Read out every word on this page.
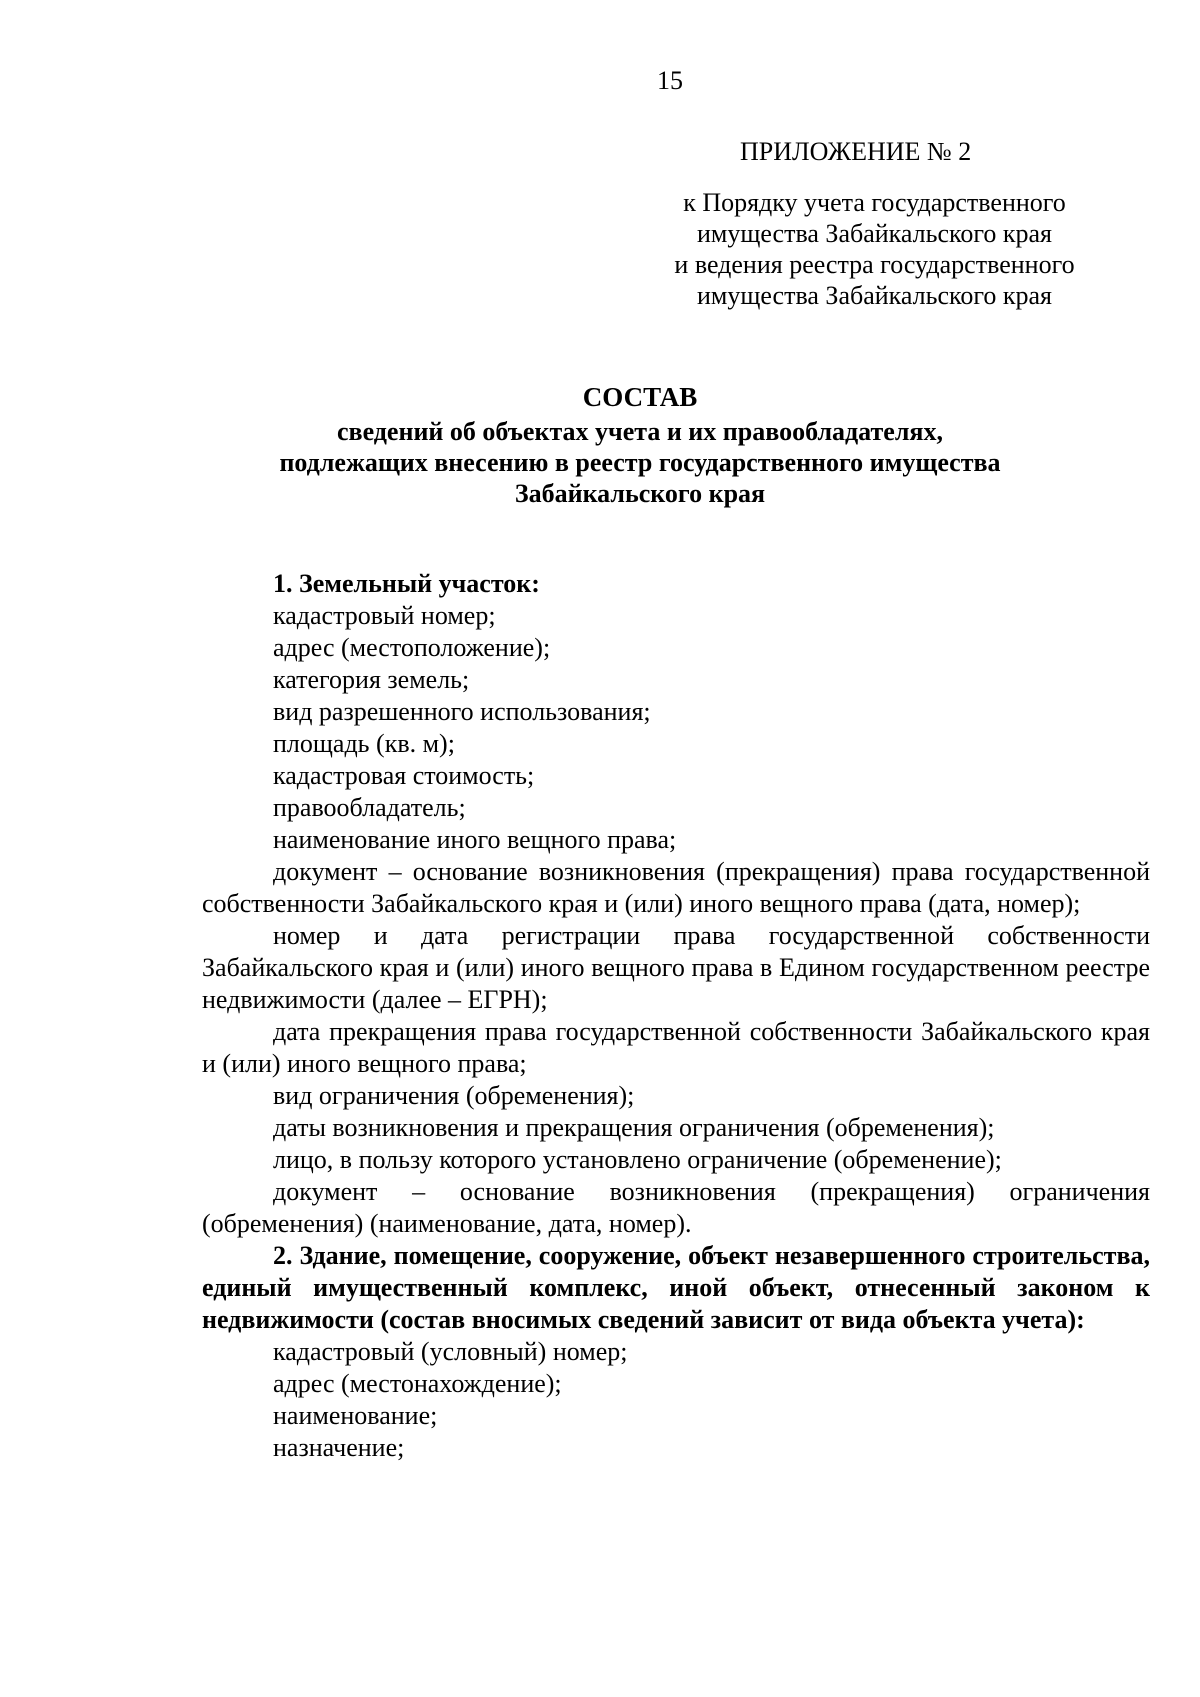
15
ПРИЛОЖЕНИЕ № 2

к Порядку учета государственного

имущества Забайкальского края

и ведения реестра государственного

имущества Забайкальского края

СОСТАВ

сведений об объектах учета и их правообладателях,

подлежащих внесению в реестр государственного имущества

Забайкальского края

1. Земельный участок:

кадастровый номер;

адрес (местоположение);

категория земель;

вид разрешенного использования;

площадь (кв. м);

кадастровая стоимость;

правообладатель;

наименование иного вещного права;

документ – основание возникновения (прекращения) права государственной собственности Забайкальского края и (или) иного вещного права (дата, номер);

номер и дата регистрации права государственной собственности Забайкальского края и (или) иного вещного права в Едином государственном реестре недвижимости (далее – ЕГРН);

дата прекращения права государственной собственности Забайкальского края и (или) иного вещного права;

вид ограничения (обременения);

даты возникновения и прекращения ограничения (обременения);

лицо, в пользу которого установлено ограничение (обременение);

документ – основание возникновения (прекращения) ограничения (обременения) (наименование, дата, номер).

2. Здание, помещение, сооружение, объект незавершенного строительства, единый имущественный комплекс, иной объект, отнесенный законом к недвижимости (состав вносимых сведений зависит от вида объекта учета):

кадастровый (условный) номер;

адрес (местонахождение);

наименование;

назначение;
